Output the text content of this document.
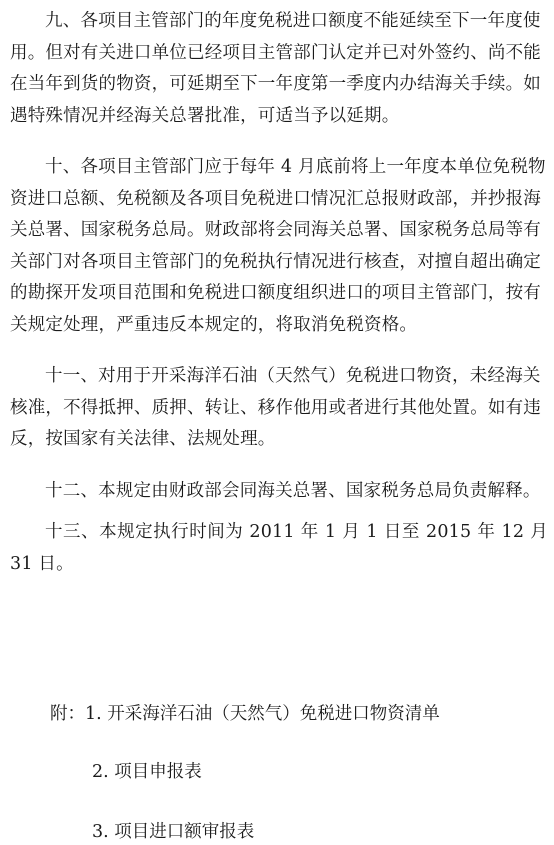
九、各项目主管部门的年度免税进口额度不能延续至下一年度使
用。但对有关进口单位已经项目主管部门认定并已对外签约、尚不能
在当年到货的物资，可延期至下一年度第一季度内办结海关手续。如
遇特殊情况并经海关总署批准，可适当予以延期。

十、各项目主管部门应于每年 4 月底前将上一年度本单位免税物
资进口总额、免税额及各项目免税进口情况汇总报财政部，并抄报海
关总署、国家税务总局。财政部将会同海关总署、国家税务总局等有
关部门对各项目主管部门的免税执行情况进行核查，对擅自超出确定
的勘探开发项目范围和免税进口额度组织进口的项目主管部门，按有
关规定处理，严重违反本规定的，将取消免税资格。

十一、对用于开采海洋石油（天然气）免税进口物资，未经海关
核准，不得抵押、质押、转让、移作他用或者进行其他处置。如有违
反，按国家有关法律、法规处理。

十二、本规定由财政部会同海关总署、国家税务总局负责解释。

十三、本规定执行时间为 2011 年 1 月 1 日至 2015 年 12 月 31 日。

附：1. 开采海洋石油（天然气）免税进口物资清单

2. 项目申报表

3. 项目进口额审报表
